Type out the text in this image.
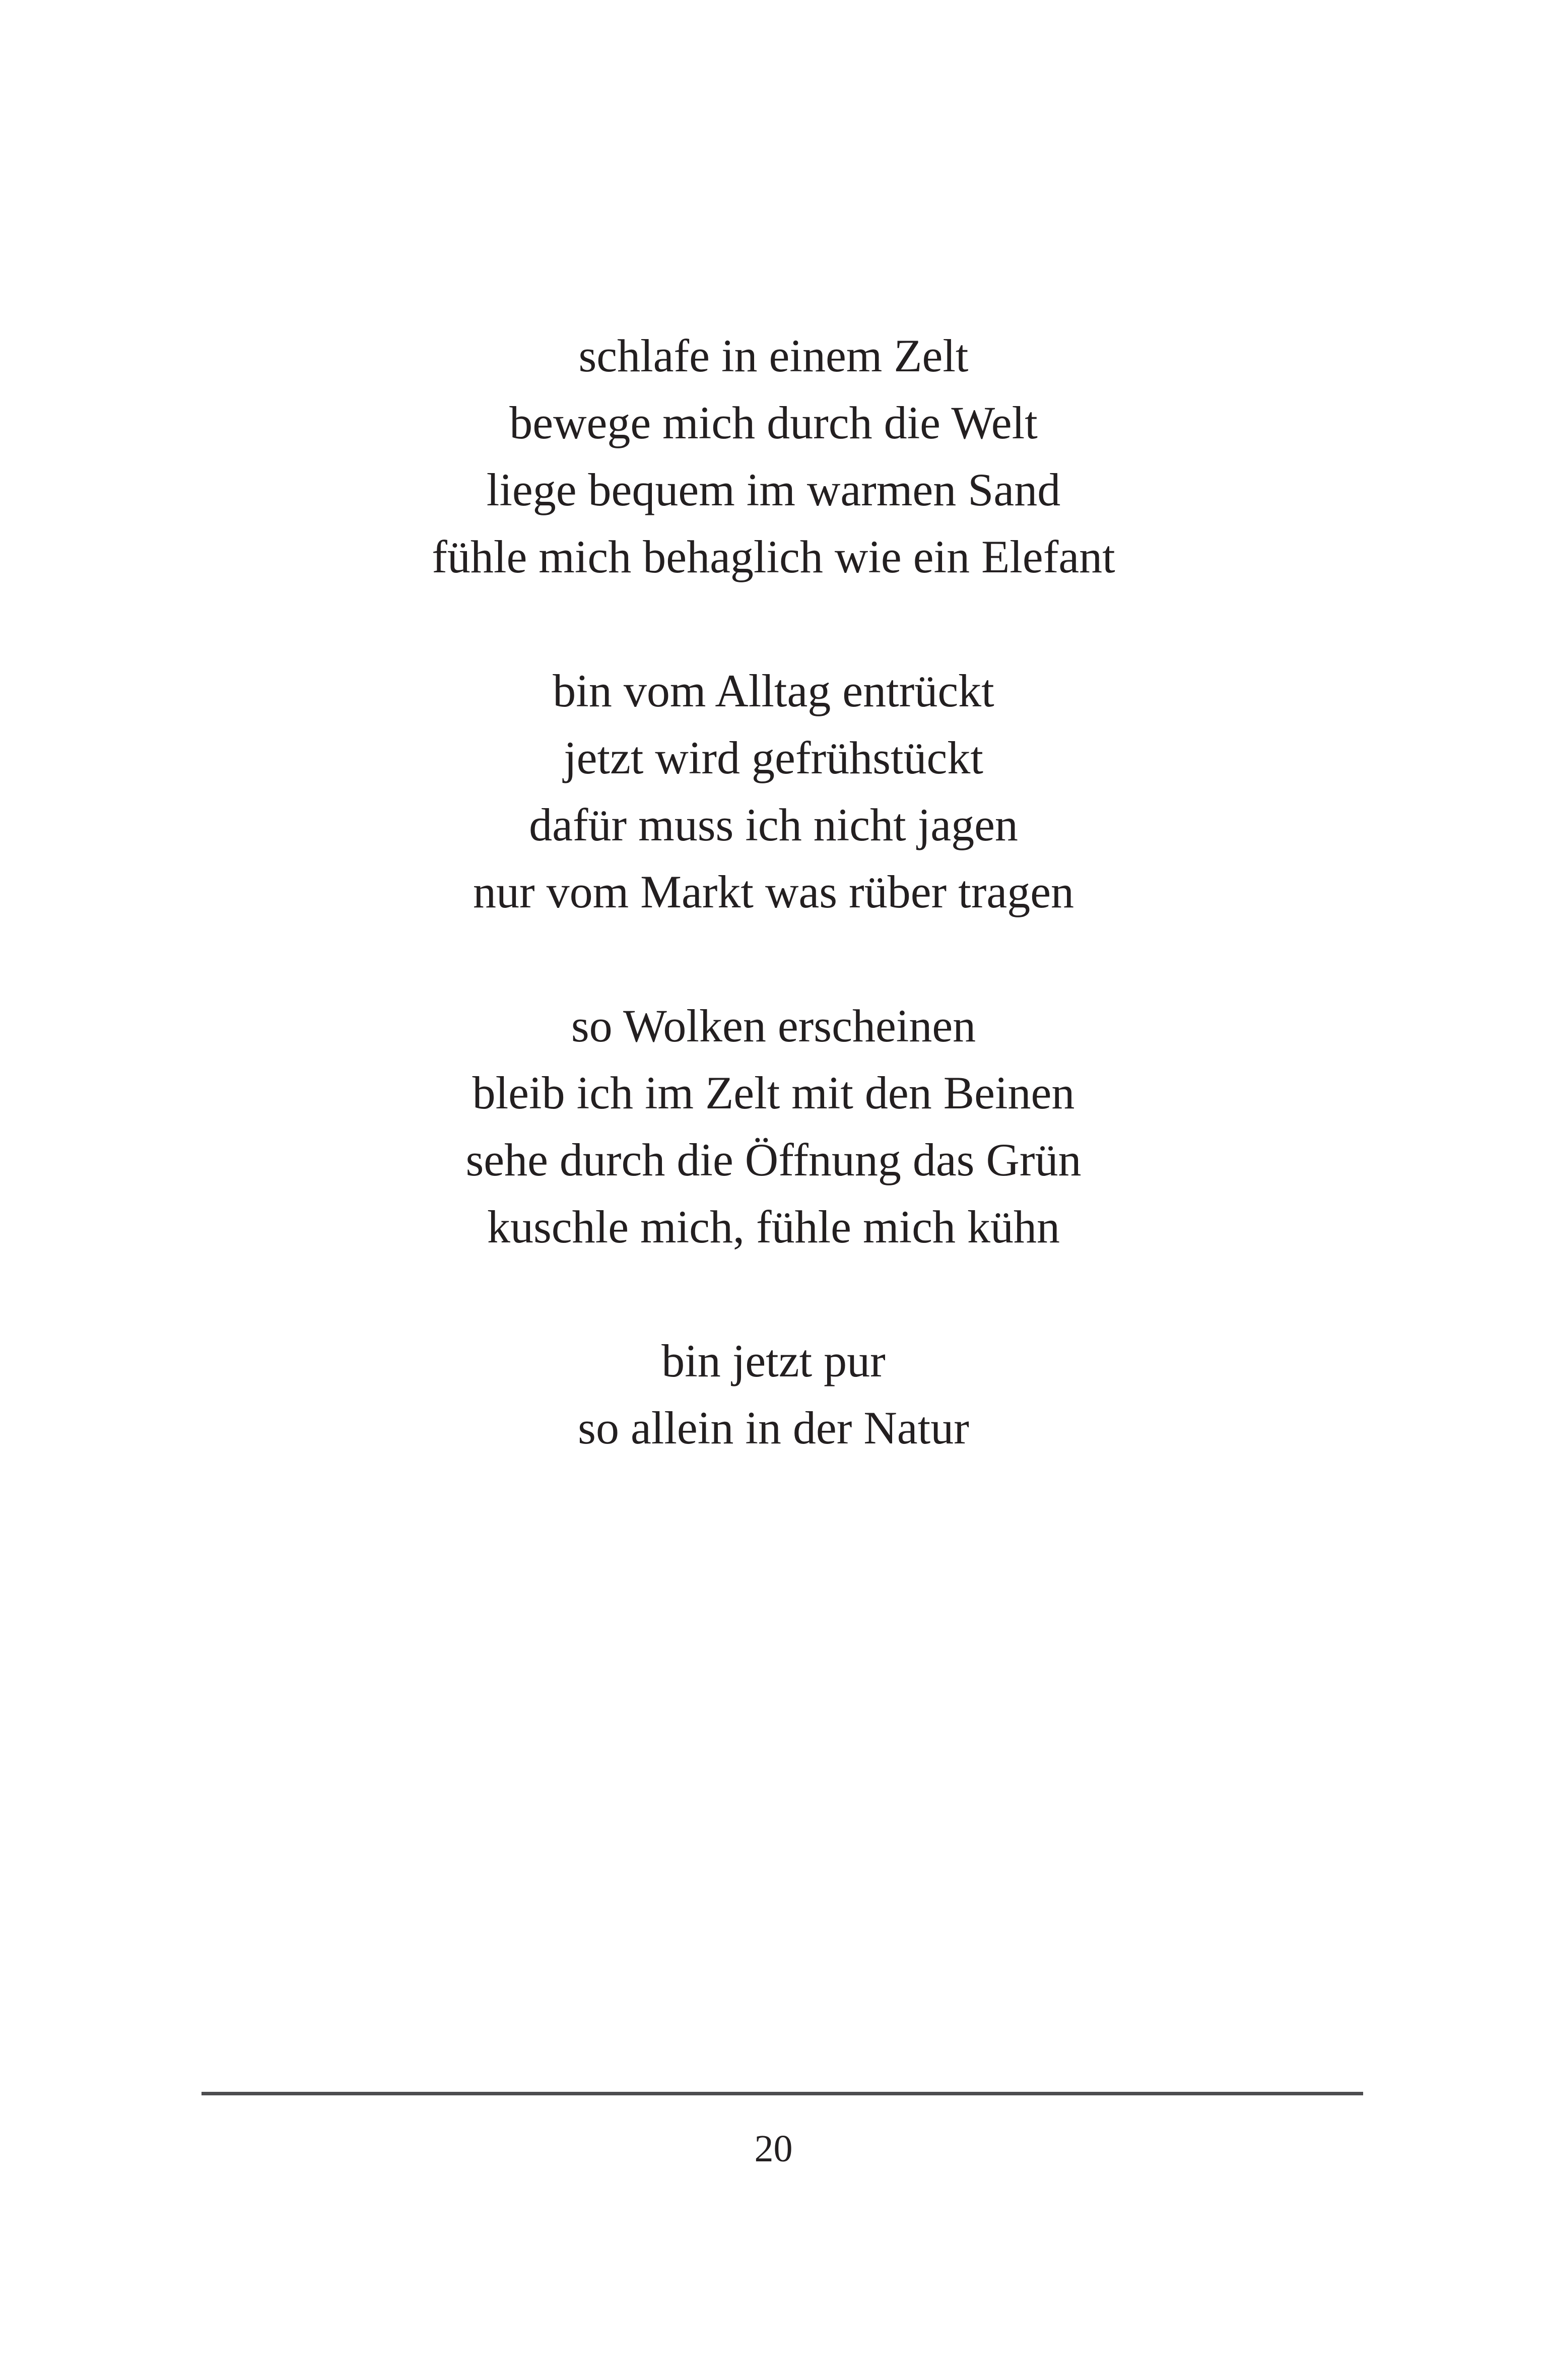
schlafe in einem Zelt
bewege mich durch die Welt
liege bequem im warmen Sand
fühle mich behaglich wie ein Elefant
bin vom Alltag entrückt
jetzt wird gefrühstückt
dafür muss ich nicht jagen
nur vom Markt was rüber tragen
so Wolken erscheinen
bleib ich im Zelt mit den Beinen
sehe durch die Öffnung das Grün
kuschle mich, fühle mich kühn
bin jetzt pur
so allein in der Natur
20
